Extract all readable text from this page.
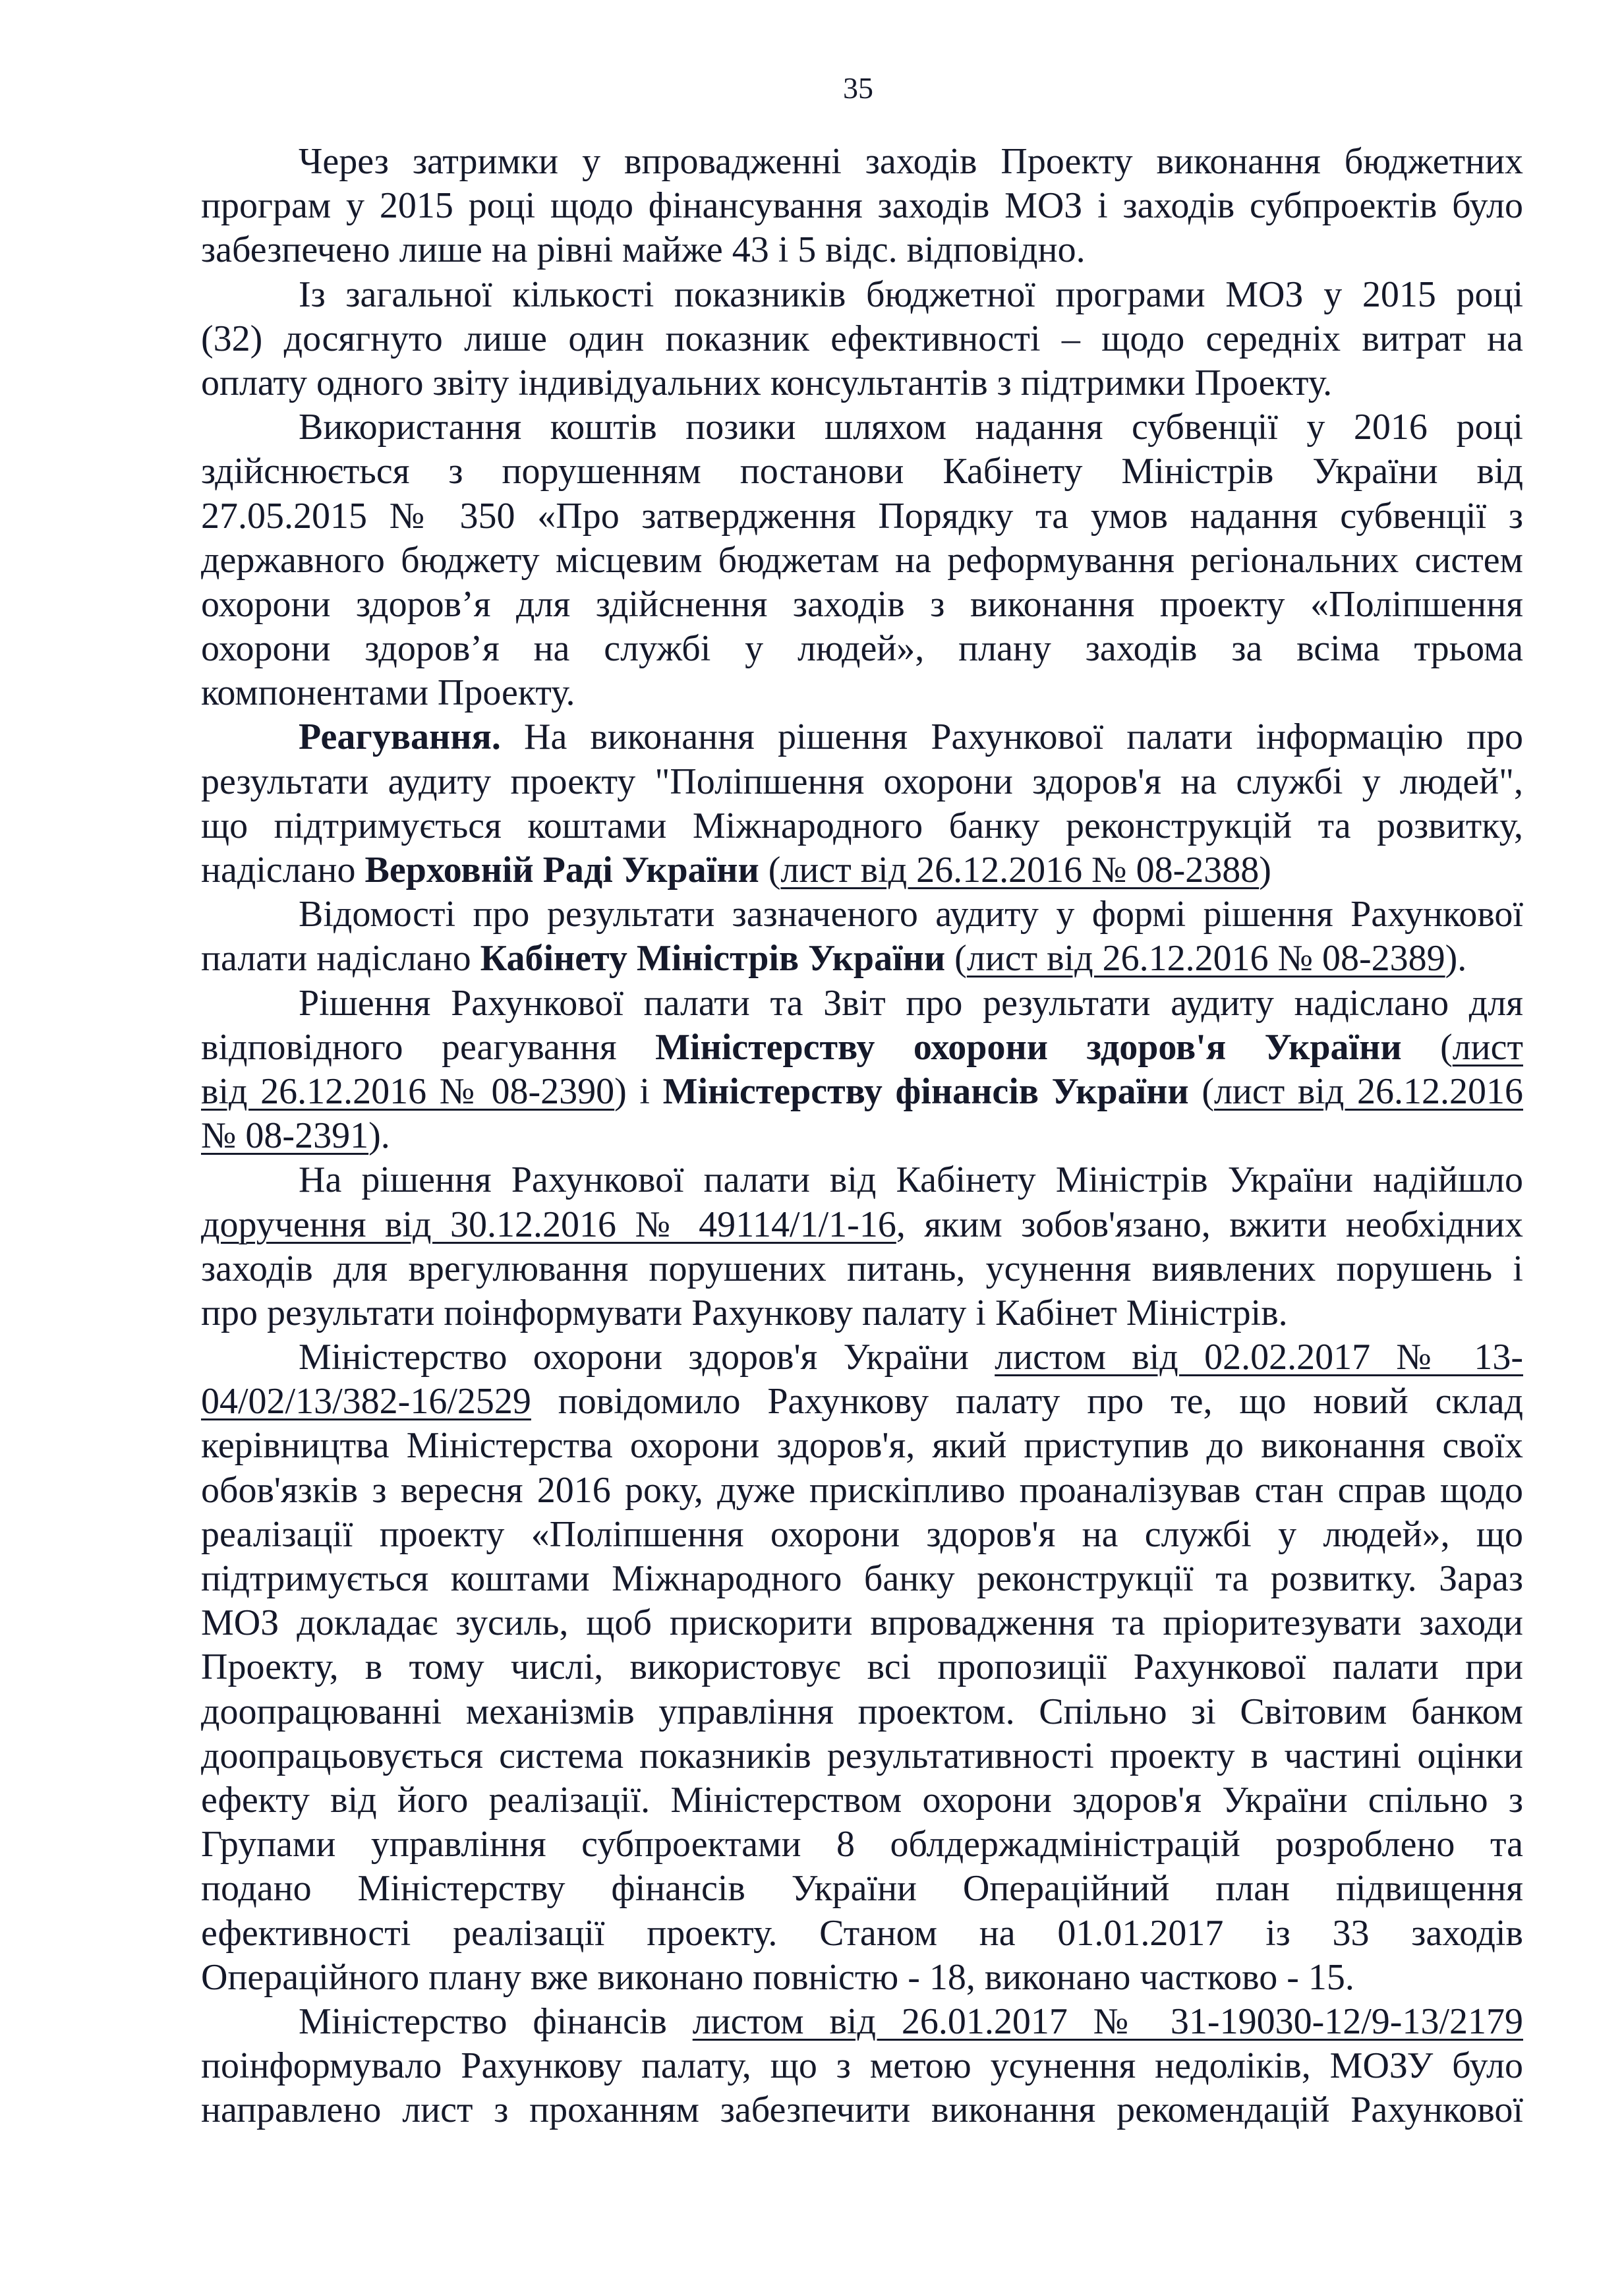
35
Через затримки у впровадженні заходів Проекту виконання бюджетних
програм у 2015 році щодо фінансування заходів МОЗ і заходів субпроектів було
забезпечено лише на рівні майже 43 і 5 відс. відповідно.
Із загальної кількості показників бюджетної програми МОЗ у 2015 році
(32) досягнуто лише один показник ефективності – щодо середніх витрат на
оплату одного звіту індивідуальних консультантів з підтримки Проекту.
Використання коштів позики шляхом надання субвенції у 2016 році
здійснюється з порушенням постанови Кабінету Міністрів України від
27.05.2015 № 350 «Про затвердження Порядку та умов надання субвенції з
державного бюджету місцевим бюджетам на реформування регіональних систем
охорони здоров’я для здійснення заходів з виконання проекту «Поліпшення
охорони здоров’я на службі у людей», плану заходів за всіма трьома
компонентами Проекту.
Реагування. На виконання рішення Рахункової палати інформацію про
результати аудиту проекту "Поліпшення охорони здоров'я на службі у людей",
що підтримується коштами Міжнародного банку реконструкцій та розвитку,
надіслано Верховній Раді України (лист від 26.12.2016 № 08-2388)
Відомості про результати зазначеного аудиту у формі рішення Рахункової
палати надіслано Кабінету Міністрів України (лист від 26.12.2016 № 08-2389).
Рішення Рахункової палати та Звіт про результати аудиту надіслано для
відповідного реагування Міністерству охорони здоров'я України (лист
від 26.12.2016 № 08-2390) і Міністерству фінансів України (лист від 26.12.2016
№ 08-2391).
На рішення Рахункової палати від Кабінету Міністрів України надійшло
доручення від 30.12.2016 № 49114/1/1-16, яким зобов'язано, вжити необхідних
заходів для врегулювання порушених питань, усунення виявлених порушень і
про результати поінформувати Рахункову палату і Кабінет Міністрів.
Міністерство охорони здоров'я України листом від 02.02.2017 № 13-
04/02/13/382-16/2529 повідомило Рахункову палату про те, що новий склад
керівництва Міністерства охорони здоров'я, який приступив до виконання своїх
обов'язків з вересня 2016 року, дуже прискіпливо проаналізував стан справ щодо
реалізації проекту «Поліпшення охорони здоров'я на службі у людей», що
підтримується коштами Міжнародного банку реконструкції та розвитку. Зараз
МОЗ докладає зусиль, щоб прискорити впровадження та пріоритезувати заходи
Проекту, в тому числі, використовує всі пропозиції Рахункової палати при
доопрацюванні механізмів управління проектом. Спільно зі Світовим банком
доопрацьовується система показників результативності проекту в частині оцінки
ефекту від його реалізації. Міністерством охорони здоров'я України спільно з
Групами управління субпроектами 8 облдержадміністрацій розроблено та
подано Міністерству фінансів України Операційний план підвищення
ефективності реалізації проекту. Станом на 01.01.2017 із 33 заходів
Операційного плану вже виконано повністю - 18, виконано частково - 15.
Міністерство фінансів листом від 26.01.2017 № 31-19030-12/9-13/2179
поінформувало Рахункову палату, що з метою усунення недоліків, МОЗУ було
направлено лист з проханням забезпечити виконання рекомендацій Рахункової
